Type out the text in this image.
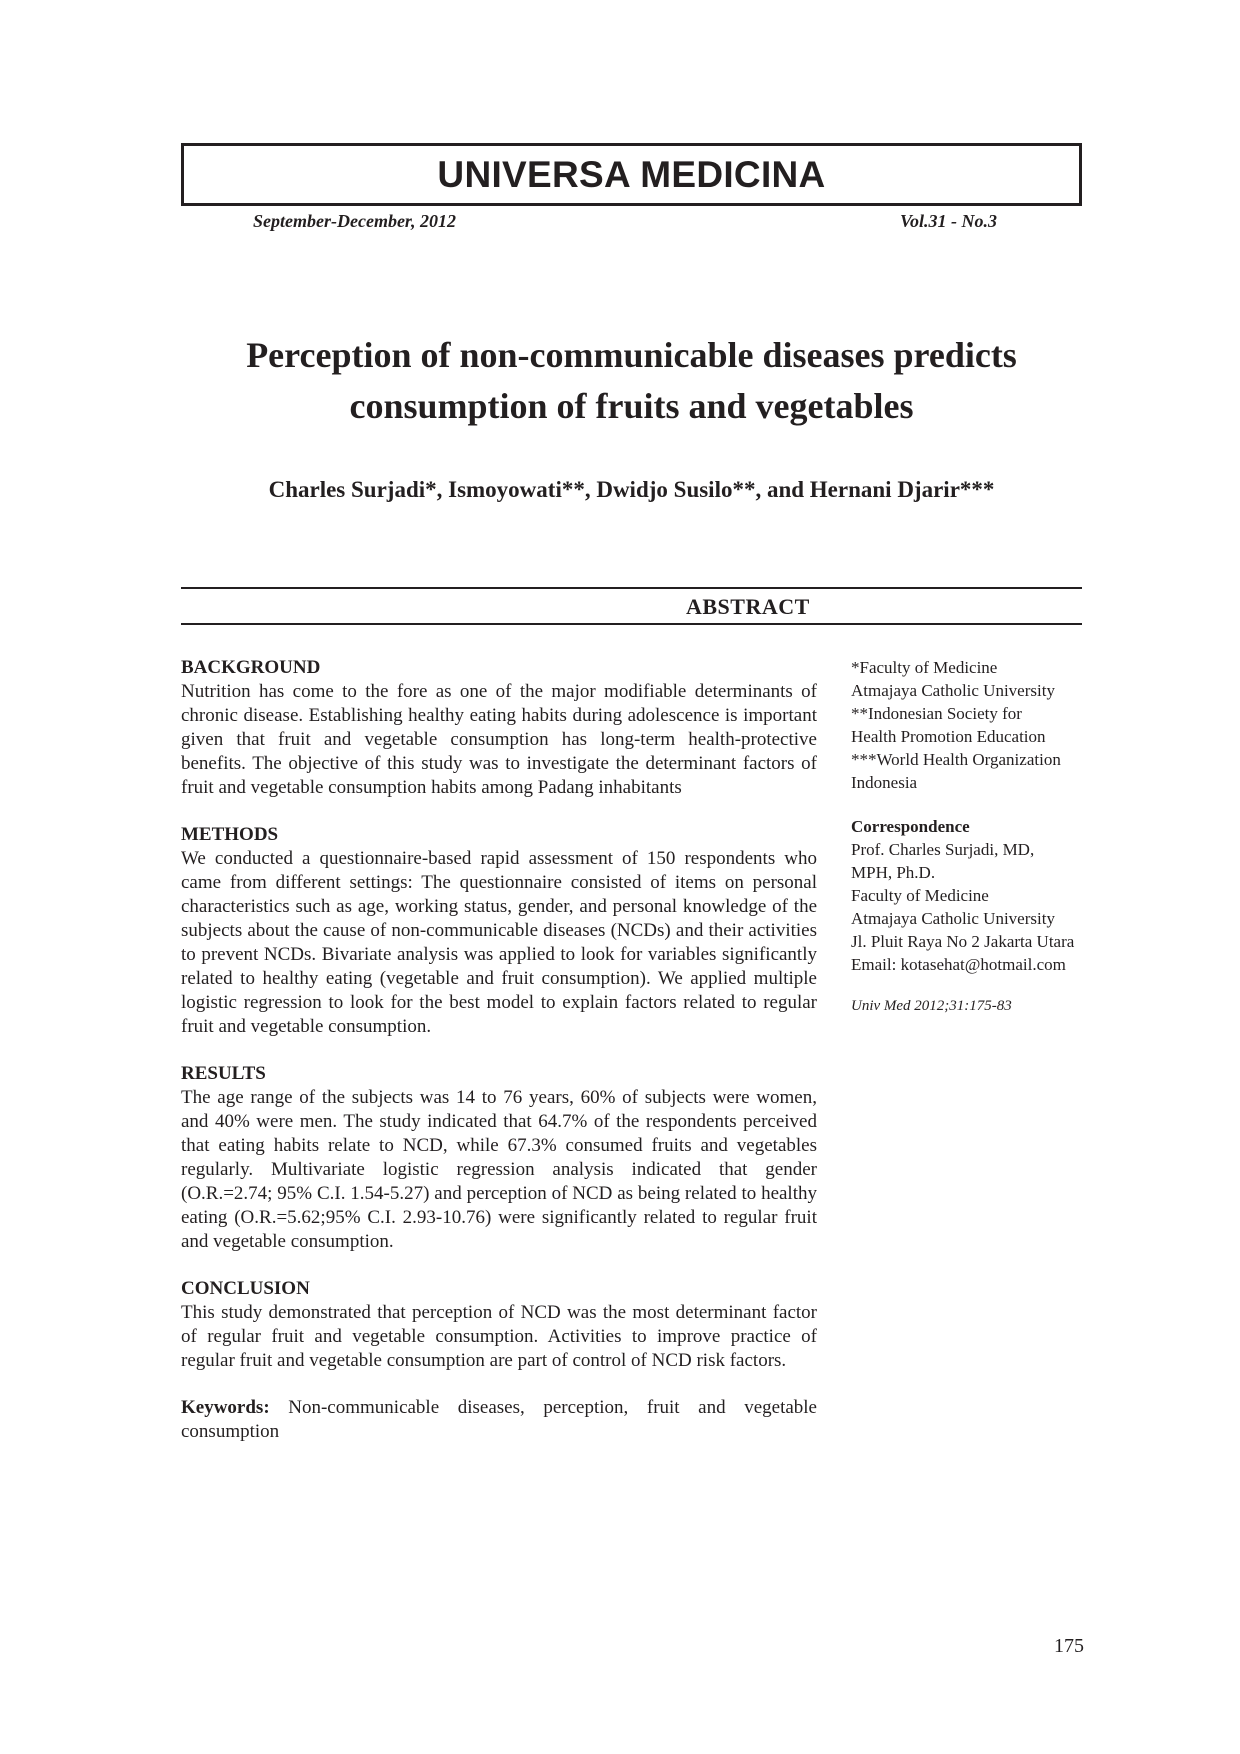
UNIVERSA MEDICINA
September-December, 2012	Vol.31 - No.3
Perception of non-communicable diseases predicts
consumption of fruits and vegetables
Charles Surjadi*, Ismoyowati**, Dwidjo Susilo**, and Hernani Djarir***
ABSTRACT
BACKGROUND
Nutrition has come to the fore as one of the major modifiable determinants of chronic disease. Establishing healthy eating habits during adolescence is important given that fruit and vegetable consumption has long-term health-protective benefits. The objective of this study was to investigate the determinant factors of fruit and vegetable consumption habits among Padang inhabitants
METHODS
We conducted a questionnaire-based rapid assessment of 150 respondents who came from different settings: The questionnaire consisted of items on personal characteristics such as age, working status, gender, and personal knowledge of the subjects about the cause of non-communicable diseases (NCDs) and their activities to prevent NCDs. Bivariate analysis was applied to look for variables significantly related to healthy eating (vegetable and fruit consumption). We applied multiple logistic regression to look for the best model to explain factors related to regular fruit and vegetable consumption.
RESULTS
The age range of the subjects was 14 to 76 years, 60% of subjects were women, and 40% were men. The study indicated that 64.7% of the respondents perceived that eating habits relate to NCD, while 67.3% consumed fruits and vegetables regularly. Multivariate logistic regression analysis indicated that gender (O.R.=2.74; 95% C.I. 1.54-5.27) and perception of NCD as being related to healthy eating (O.R.=5.62;95% C.I. 2.93-10.76) were significantly related to regular fruit and vegetable consumption.
CONCLUSION
This study demonstrated that perception of NCD was the most determinant factor of regular fruit and vegetable consumption. Activities to improve practice of regular fruit and vegetable consumption are part of control of NCD risk factors.
Keywords: Non-communicable diseases, perception, fruit and vegetable consumption
*Faculty of Medicine
Atmajaya Catholic University
**Indonesian Society for
Health Promotion Education
***World Health Organization
Indonesia
Correspondence
Prof. Charles Surjadi, MD,
MPH, Ph.D.
Faculty of Medicine
Atmajaya Catholic University
Jl. Pluit Raya No 2 Jakarta Utara
Email: kotasehat@hotmail.com
Univ Med 2012;31:175-83
175
